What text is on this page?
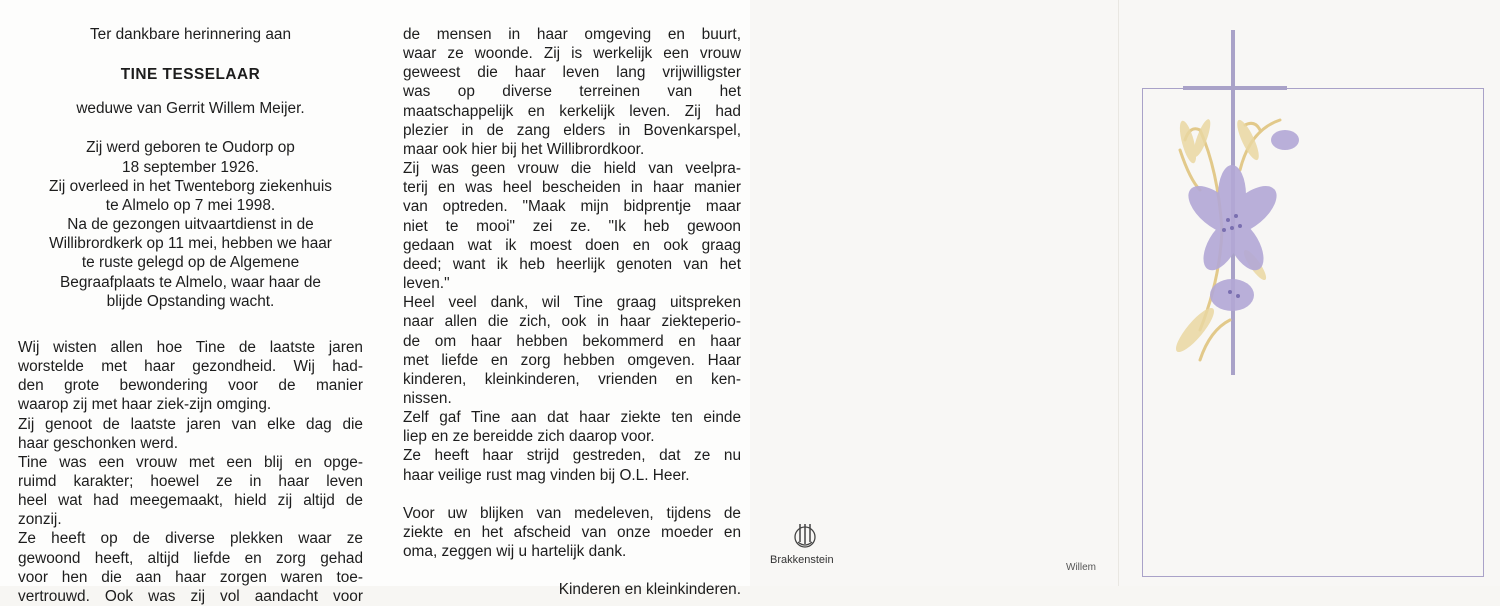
Ter dankbare herinnering aan
TINE TESSELAAR
weduwe van Gerrit Willem Meijer.
Zij werd geboren te Oudorp op
18 september 1926.
Zij overleed in het Twenteborg ziekenhuis
te Almelo op 7 mei 1998.
Na de gezongen uitvaartdienst in de
Willibrordkerk op 11 mei, hebben we haar
te ruste gelegd op de Algemene
Begraafplaats te Almelo, waar haar de
blijde Opstanding wacht.
Wij wisten allen hoe Tine de laatste jaren
worstelde met haar gezondheid. Wij had-
den grote bewondering voor de manier
waarop zij met haar ziek-zijn omging.
Zij genoot de laatste jaren van elke dag die
haar geschonken werd.
Tine was een vrouw met een blij en opge-
ruimd karakter; hoewel ze in haar leven
heel wat had meegemaakt, hield zij altijd de
zonzij.
Ze heeft op de diverse plekken waar ze
gewoond heeft, altijd liefde en zorg gehad
voor hen die aan haar zorgen waren toe-
vertrouwd. Ook was zij vol aandacht voor
de mensen in haar omgeving en buurt,
waar ze woonde. Zij is werkelijk een vrouw
geweest die haar leven lang vrijwilligster
was op diverse terreinen van het
maatschappelijk en kerkelijk leven. Zij had
plezier in de zang elders in Bovenkarspel,
maar ook hier bij het Willibrordkoor.
Zij was geen vrouw die hield van veelpra-
terij en was heel bescheiden in haar manier
van optreden. "Maak mijn bidprentje maar
niet te mooi" zei ze. "Ik heb gewoon
gedaan wat ik moest doen en ook graag
deed; want ik heb heerlijk genoten van het
leven."
Heel veel dank, wil Tine graag uitspreken
naar allen die zich, ook in haar ziekteperio-
de om haar hebben bekommerd en haar
met liefde en zorg hebben omgeven. Haar
kinderen, kleinkinderen, vrienden en ken-
nissen.
Zelf gaf Tine aan dat haar ziekte ten einde
liep en ze bereidde zich daarop voor.
Ze heeft haar strijd gestreden, dat ze nu
haar veilige rust mag vinden bij O.L. Heer.
Voor uw blijken van medeleven, tijdens de
ziekte en het afscheid van onze moeder en
oma, zeggen wij u hartelijk dank.
Kinderen en kleinkinderen.
Brakkenstein
Willem
